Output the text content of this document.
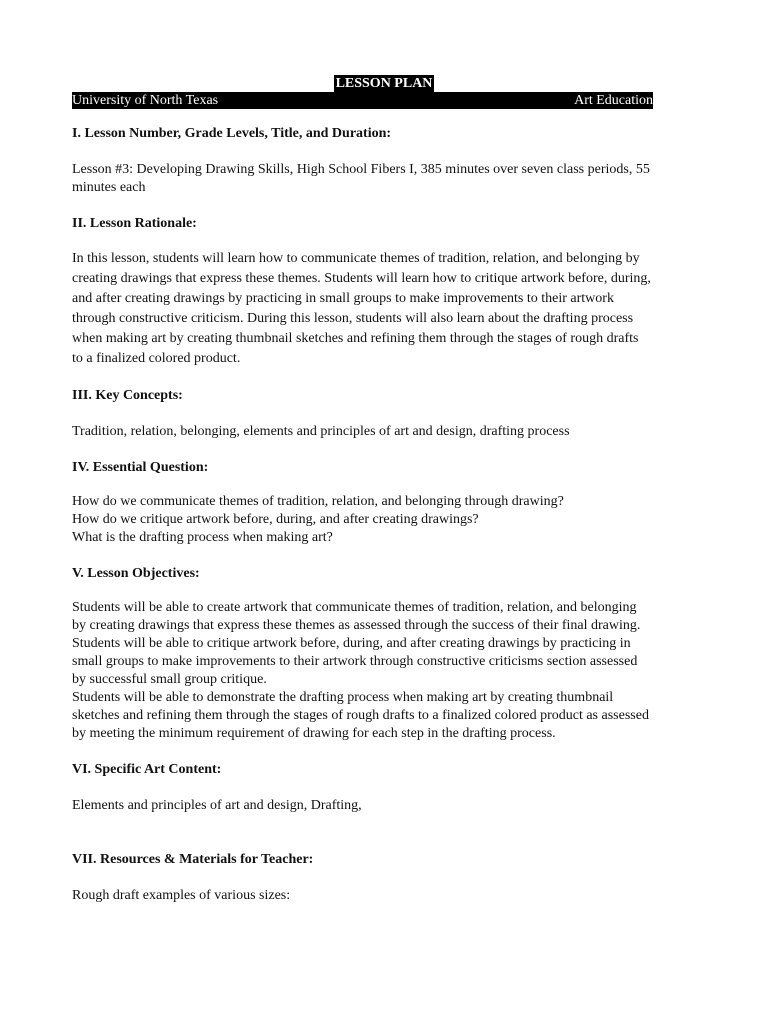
LESSON PLAN
University of North Texas	Art Education

I. Lesson Number, Grade Levels, Title, and Duration:

Lesson #3: Developing Drawing Skills, High School Fibers I, 385 minutes over seven class periods, 55

minutes each

II. Lesson Rationale:

In this lesson, students will learn how to communicate themes of tradition, relation, and belonging by

creating drawings that express these themes. Students will learn how to critique artwork before, during,

and after creating drawings by practicing in small groups to make improvements to their artwork

through constructive criticism. During this lesson, students will also learn about the drafting process

when making art by creating thumbnail sketches and refining them through the stages of rough drafts

to a finalized colored product.

III. Key Concepts:

Tradition, relation, belonging, elements and principles of art and design, drafting process

IV. Essential Question:

How do we communicate themes of tradition, relation, and belonging through drawing?

How do we critique artwork before, during, and after creating drawings?

What is the drafting process when making art?

V. Lesson Objectives:

Students will be able to create artwork that communicate themes of tradition, relation, and belonging

by creating drawings that express these themes as assessed through the success of their final drawing.

Students will be able to critique artwork before, during, and after creating drawings by practicing in

small groups to make improvements to their artwork through constructive criticisms section assessed

by successful small group critique.

Students will be able to demonstrate the drafting process when making art by creating thumbnail

sketches and refining them through the stages of rough drafts to a finalized colored product as assessed

by meeting the minimum requirement of drawing for each step in the drafting process.

VI. Specific Art Content:

Elements and principles of art and design, Drafting,

VII. Resources & Materials for Teacher:

Rough draft examples of various sizes:
